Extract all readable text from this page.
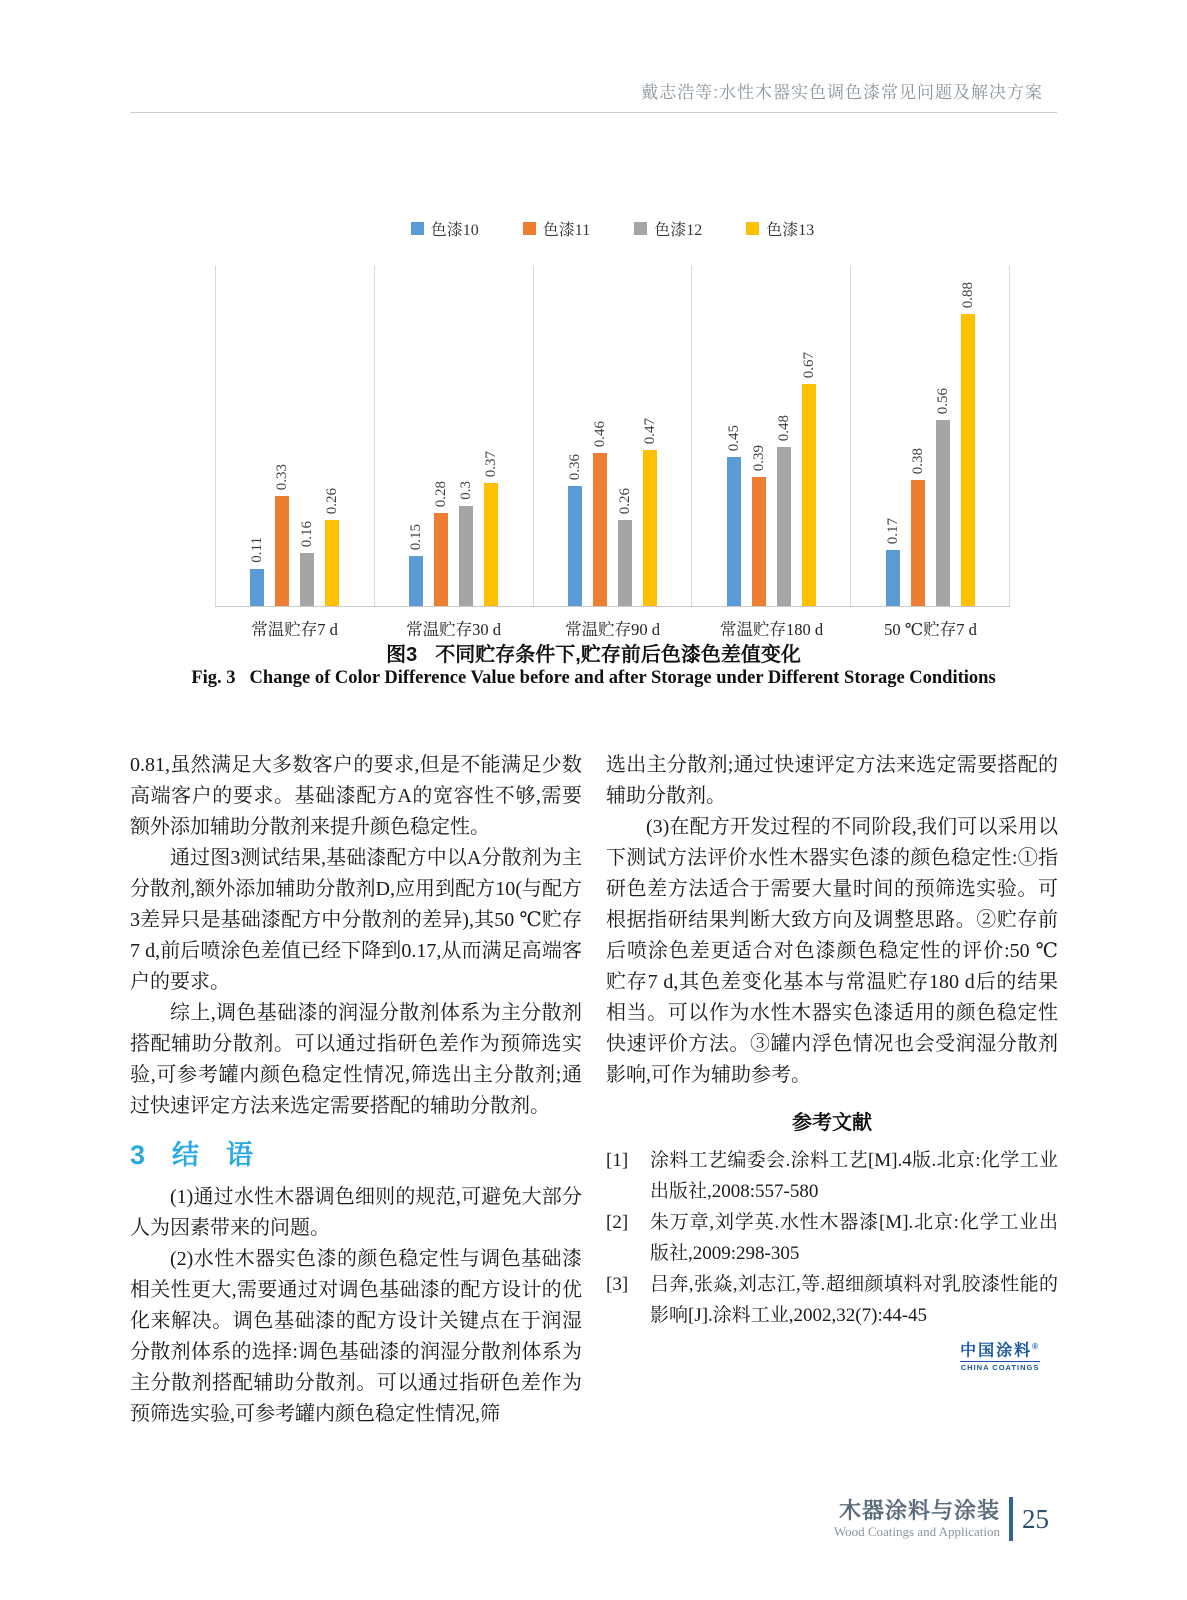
戴志浩等:水性木器实色调色漆常见问题及解决方案
色漆10	色漆11	色漆12	色漆13
0.11
0.33
0.16
0.26
0.15
0.28 0.3
0.37	0.36
0.46
0.26
0.47	0.45
0.39
0.48
0.67
0.17
0.38
0.56
0.88
常温贮存7 d	常温贮存30 d	常温贮存90 d	常温贮存180 d	50 ℃贮存7 d
图3 不同贮存条件下,贮存前后色漆色差值变化
Fig. 3 Change of Color Difference Value before and after Storage under Different Storage Conditions

0.81,虽然满足大多数客户的要求,但是不能满足少数高端客户的要求。基础漆配方A的宽容性不够,需要额外添加辅助分散剂来提升颜色稳定性。

通过图3测试结果,基础漆配方中以A分散剂为主分散剂,额外添加辅助分散剂D,应用到配方10(与配方3差异只是基础漆配方中分散剂的差异),其50 ℃贮存7 d,前后喷涂色差值已经下降到0.17,从而满足高端客户的要求。

综上,调色基础漆的润湿分散剂体系为主分散剂搭配辅助分散剂。可以通过指研色差作为预筛选实验,可参考罐内颜色稳定性情况,筛选出主分散剂;通过快速评定方法来选定需要搭配的辅助分散剂。

3　结　语

(1)通过水性木器调色细则的规范,可避免大部分人为因素带来的问题。

(2)水性木器实色漆的颜色稳定性与调色基础漆相关性更大,需要通过对调色基础漆的配方设计的优化来解决。调色基础漆的配方设计关键点在于润湿分散剂体系的选择:调色基础漆的润湿分散剂体系为主分散剂搭配辅助分散剂。可以通过指研色差作为预筛选实验,可参考罐内颜色稳定性情况,筛

选出主分散剂;通过快速评定方法来选定需要搭配的辅助分散剂。

(3)在配方开发过程的不同阶段,我们可以采用以下测试方法评价水性木器实色漆的颜色稳定性:①指研色差方法适合于需要大量时间的预筛选实验。可根据指研结果判断大致方向及调整思路。②贮存前后喷涂色差更适合对色漆颜色稳定性的评价:50 ℃贮存7 d,其色差变化基本与常温贮存180 d后的结果相当。可以作为水性木器实色漆适用的颜色稳定性快速评价方法。③罐内浮色情况也会受润湿分散剂影响,可作为辅助参考。

参考文献

[1]	涂料工艺编委会.涂料工艺[M].4版.北京:化学工业出版社,2008:557-580

[2]	朱万章,刘学英.水性木器漆[M].北京:化学工业出版社,2009:298-305

[3]	吕奔,张焱,刘志江,等.超细颜填料对乳胶漆性能的影响[J].涂料工业,2002,32(7):44-45

中国涂料®
CHINA COATINGS
木器涂料与涂装
Wood Coatings and Application 25
